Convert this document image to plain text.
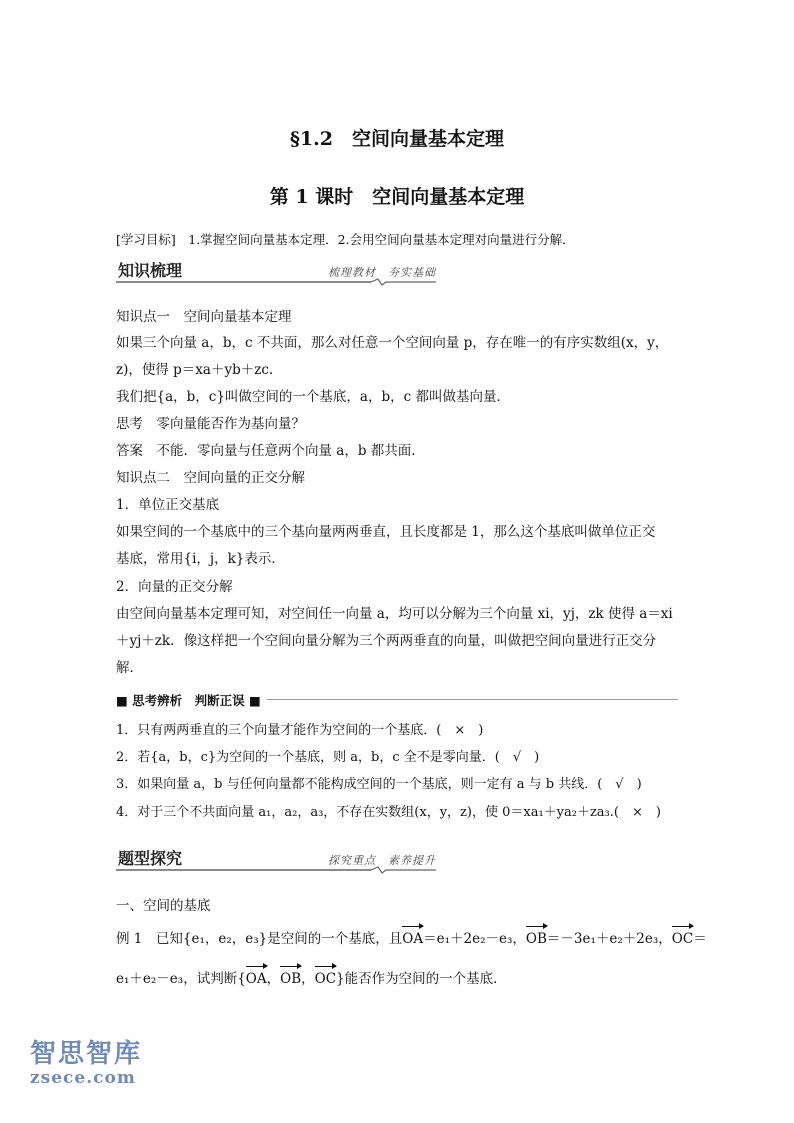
§1.2　空间向量基本定理
第 1 课时　空间向量基本定理
[学习目标]　1.掌握空间向量基本定理．2.会用空间向量基本定理对向量进行分解．
知识梳理	梳理教材　夯实基础
知识点一　空间向量基本定理
如果三个向量 a，b，c 不共面，那么对任意一个空间向量 p，存在唯一的有序实数组(x，y，
z)，使得 p＝xa＋yb＋zc.
我们把{a，b，c}叫做空间的一个基底，a，b，c 都叫做基向量．
思考　零向量能否作为基向量？
答案　不能．零向量与任意两个向量 a，b 都共面．
知识点二　空间向量的正交分解
1．单位正交基底
如果空间的一个基底中的三个基向量两两垂直，且长度都是 1，那么这个基底叫做单位正交
基底，常用{i，j，k}表示．
2．向量的正交分解
由空间向量基本定理可知，对空间任一向量 a，均可以分解为三个向量 xi，yj，zk 使得 a＝xi
＋yj＋zk．像这样把一个空间向量分解为三个两两垂直的向量，叫做把空间向量进行正交分
解．
■ 思考辨析　判断正误 ■
1．只有两两垂直的三个向量才能作为空间的一个基底．(　×　)
2．若{a，b，c}为空间的一个基底，则 a，b，c 全不是零向量．(　√　)
3．如果向量 a，b 与任何向量都不能构成空间的一个基底，则一定有 a 与 b 共线．(　√　)
4．对于三个不共面向量 a₁，a₂，a₃，不存在实数组(x，y，z)，使 0＝xa₁＋ya₂＋za₃.(　×　)
题型探究	探究重点　素养提升
一、空间的基底
例 1　已知{e₁，e₂，e₃}是空间的一个基底，且OA＝e₁＋2e₂－e₃，OB＝－3e₁＋e₂＋2e₃，OC＝
e₁＋e₂－e₃，试判断{OA，OB，OC}能否作为空间的一个基底．
智思智库
zsece.com
